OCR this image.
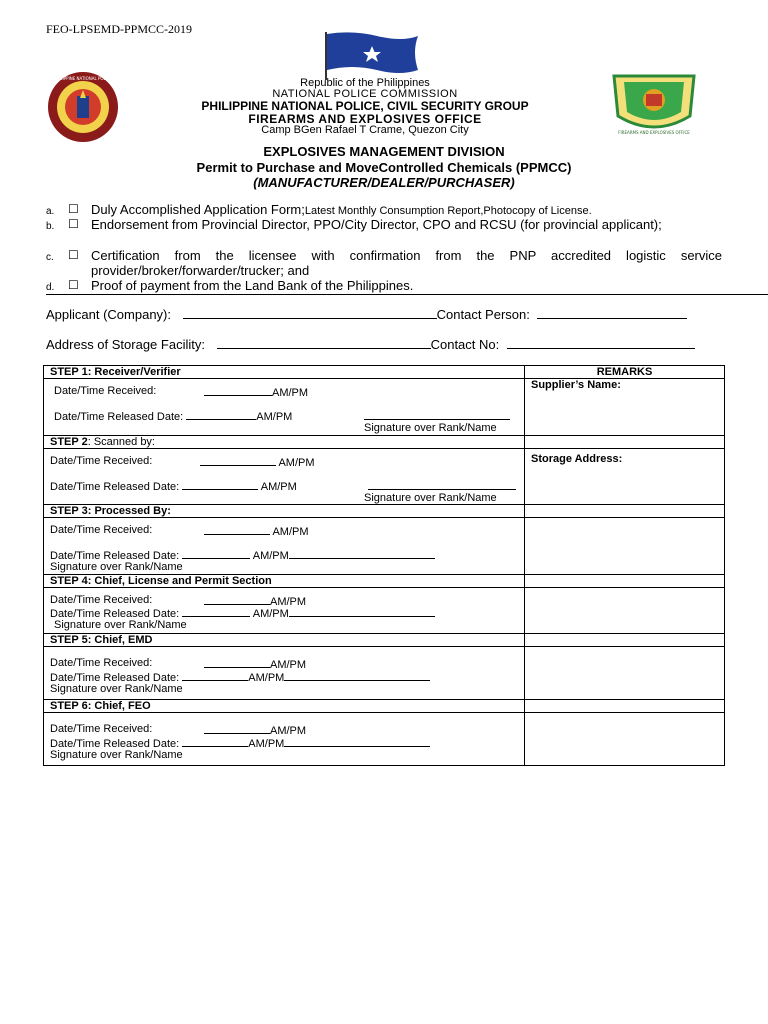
FEO-LPSEMD-PPMCC-2019
PHILIPPINE NATIONAL POLICE
FIREARMS AND EXPLOSIVES OFFICE
Republic of the Philippines
NATIONAL POLICE COMMISSION
PHILIPPINE NATIONAL POLICE, CIVIL SECURITY GROUP
FIREARMS AND EXPLOSIVES OFFICE
Camp BGen Rafael T Crame, Quezon City
EXPLOSIVES MANAGEMENT DIVISION
Permit to Purchase and MoveControlled Chemicals (PPMCC)
(MANUFACTURER/DEALER/PURCHASER)
a. ☐ Duly Accomplished Application Form;Latest Monthly Consumption Report,Photocopy of License.
b. ☐ Endorsement from Provincial Director, PPO/City Director, CPO and RCSU (for provincial applicant);
c. ☐ Certification from the licensee with confirmation from the PNP accredited logistic service provider/broker/forwarder/trucker; and
d. ☐ Proof of payment from the Land Bank of the Philippines.
Applicant (Company):	Contact Person:
Address of Storage Facility:	Contact No:
STEP 1: Receiver/Verifier	REMARKS

Date/Time Received: AM/PM
Date/Time Released Date: AM/PM
Signature over Rank/Name	Supplier’s Name:
STEP 2: Scanned by:	

Date/Time Received: AM/PM
Date/Time Released Date: AM/PM
Signature over Rank/Name	Storage Address:
STEP 3: Processed By:	

Date/Time Received: AM/PM
Date/Time Released Date: AM/PM
Signature over Rank/Name	

STEP 4: Chief, License and Permit Section	

Date/Time Received: AM/PM
Date/Time Released Date: AM/PM
Signature over Rank/Name	

STEP 5: Chief, EMD	

Date/Time Received: AM/PM
Date/Time Released Date: AM/PM
Signature over Rank/Name	

STEP 6: Chief, FEO	

Date/Time Received: AM/PM
Date/Time Released Date: AM/PM
Signature over Rank/Name	
